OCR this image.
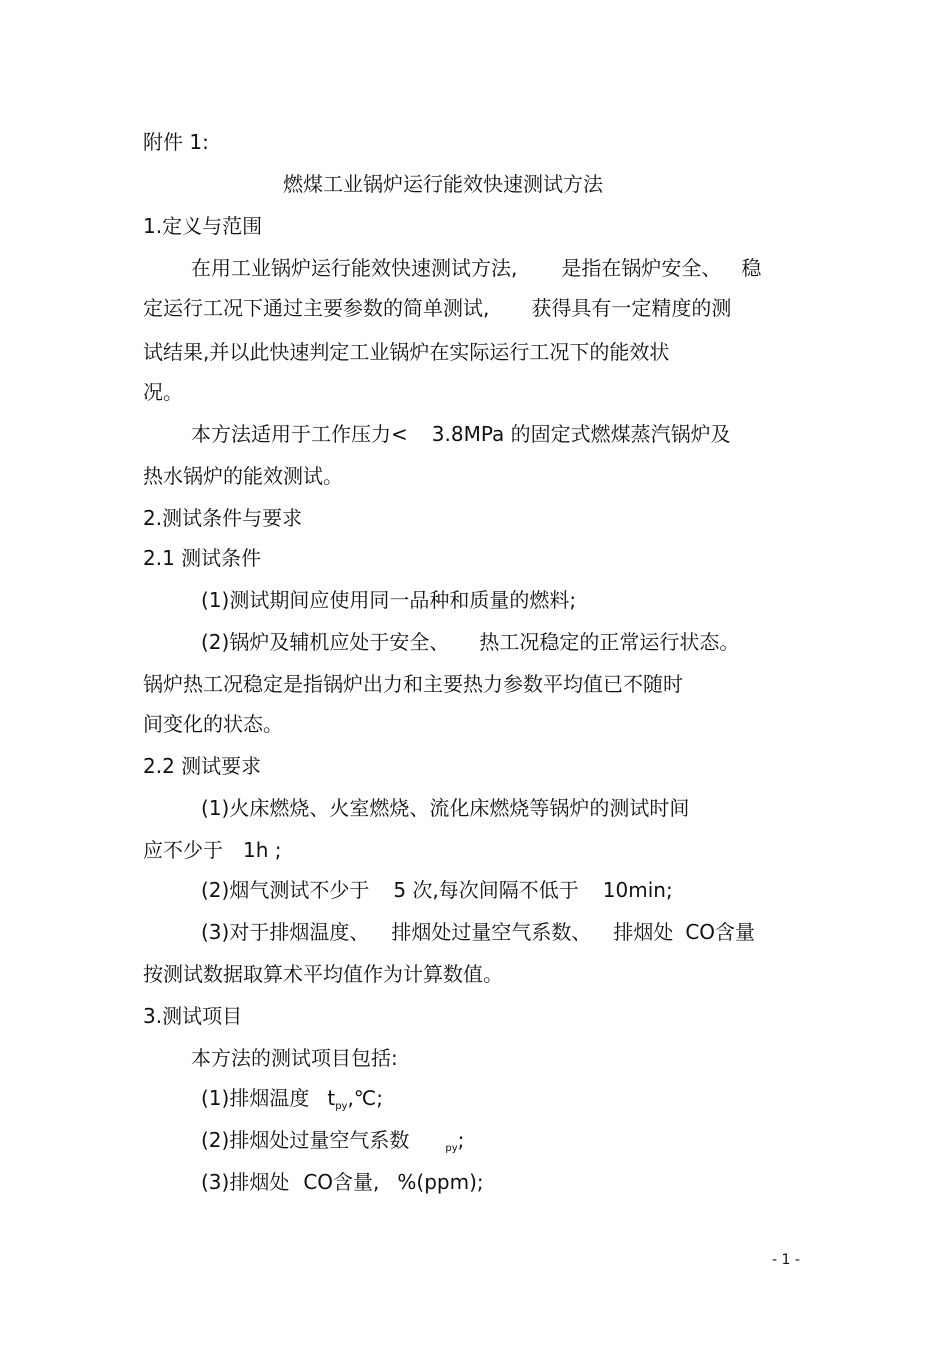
附件 1:
燃煤工业锅炉运行能效快速测试方法
1.定义与范围
在用工业锅炉运行能效快速测试方法, 是指在锅炉安全、 稳
定运行工况下通过主要参数的简单测试, 获得具有一定精度的测
试结果,并以此快速判定工业锅炉在实际运行工况下的能效状
况。
本方法适用于工作压力< 3.8MPa 的固定式燃煤蒸汽锅炉及
热水锅炉的能效测试。
2.测试条件与要求
2.1 测试条件
(1)测试期间应使用同一品种和质量的燃料;
(2)锅炉及辅机应处于安全、 热工况稳定的正常运行状态。
锅炉热工况稳定是指锅炉出力和主要热力参数平均值已不随时
间变化的状态。
2.2 测试要求
(1)火床燃烧、火室燃烧、流化床燃烧等锅炉的测试时间
应不少于 1h ;
(2)烟气测试不少于 5 次,每次间隔不低于 10min;
(3)对于排烟温度、 排烟处过量空气系数、 排烟处 CO含量
按测试数据取算术平均值作为计算数值。
3.测试项目
本方法的测试项目包括:
(1)排烟温度 $t_{py},℃$;
(2)排烟处过量空气系数	$_{py}$;
(3)排烟处 CO含量, %(ppm);
- 1 -
